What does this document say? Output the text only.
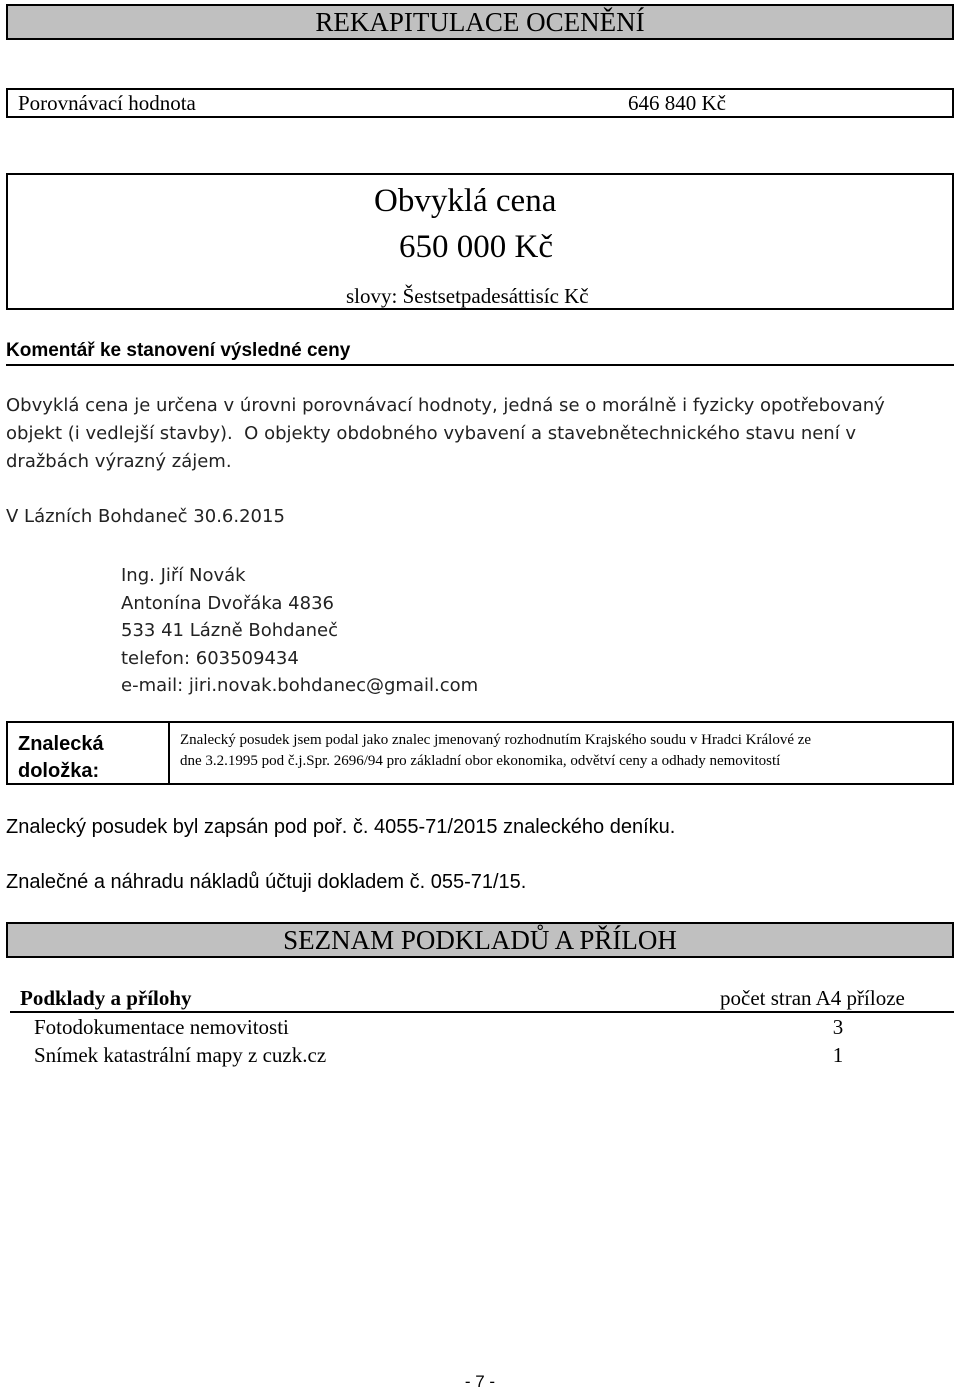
REKAPITULACE OCENĚNÍ
Porovnávací hodnota	646 840 Kč
Obvyklá cena
650 000 Kč
slovy: Šestsetpadesáttisíc Kč
Komentář ke stanovení výsledné ceny
Obvyklá cena je určena v úrovni porovnávací hodnoty, jedná se o morálně i fyzicky opotřebovaný
objekt (i vedlejší stavby).  O objekty obdobného vybavení a stavebnětechnického stavu není v
dražbách výrazný zájem.
V Lázních Bohdaneč 30.6.2015
Ing. Jiří Novák
Antonína Dvořáka 4836
533 41 Lázně Bohdaneč
telefon: 603509434
e-mail: jiri.novak.bohdanec@gmail.com
Znalecká
doložka:
Znalecký posudek jsem podal jako znalec jmenovaný rozhodnutím Krajského soudu v Hradci Králové ze
dne 3.2.1995 pod č.j.Spr. 2696/94 pro základní obor ekonomika, odvětví ceny a odhady nemovitostí
Znalecký posudek byl zapsán pod poř. č. 4055-71/2015 znaleckého deníku.
Znalečné a náhradu nákladů účtuji dokladem č. 055-71/15.
SEZNAM PODKLADŮ A PŘÍLOH
Podklady a přílohy	počet stran A4 příloze
Fotodokumentace nemovitosti	3
Snímek katastrální mapy z cuzk.cz	1
- 7 -
